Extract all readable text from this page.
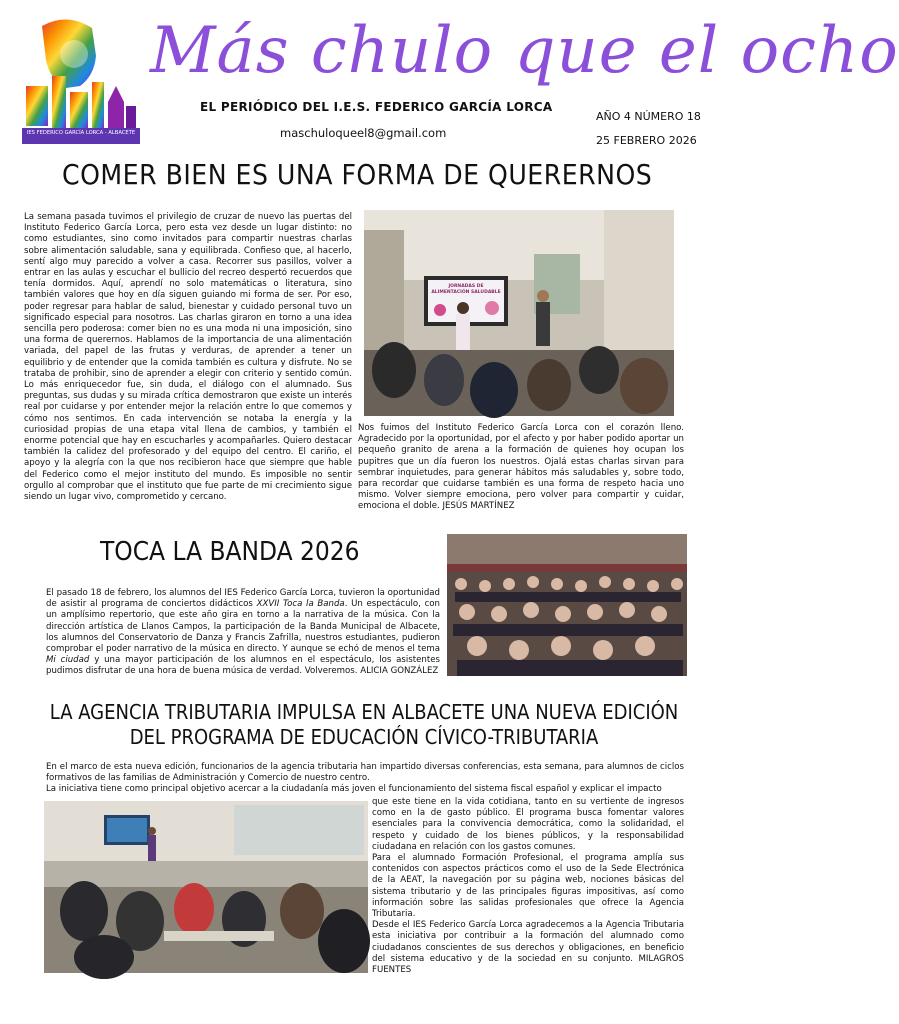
IES FEDERICO GARCÍA LORCA - ALBACETE
Más chulo que el ocho
EL PERIÓDICO DEL I.E.S. FEDERICO GARCÍA LORCA
maschuloqueel8@gmail.com
AÑO 4 NÚMERO 18
25 FEBRERO 2026
COMER BIEN ES UNA FORMA DE QUERERNOS

La semana pasada tuvimos el privilegio de cruzar de nuevo las puertas del Instituto Federico García Lorca, pero esta vez desde un lugar distinto: no como estudiantes, sino como invitados para compartir nuestras charlas sobre alimentación saludable, sana y equilibrada. Confieso que, al hacerlo, sentí algo muy parecido a volver a casa. Recorrer sus pasillos, volver a entrar en las aulas y escuchar el bullicio del recreo despertó recuerdos que tenía dormidos. Aquí, aprendí no solo matemáticas o literatura, sino también valores que hoy en día siguen guiando mi forma de ser. Por eso, poder regresar para hablar de salud, bienestar y cuidado personal tuvo un significado especial para nosotros. Las charlas giraron en torno a una idea sencilla pero poderosa: comer bien no es una moda ni una imposición, sino una forma de querernos. Hablamos de la importancia de una alimentación variada, del papel de las frutas y verduras, de aprender a tener un equilibrio y de entender que la comida también es cultura y disfrute. No se trataba de prohibir, sino de aprender a elegir con criterio y sentido común. Lo más enriquecedor fue, sin duda, el diálogo con el alumnado. Sus preguntas, sus dudas y su mirada crítica demostraron que existe un interés real por cuidarse y por entender mejor la relación entre lo que comemos y cómo nos sentimos. En cada intervención se notaba la energía y la curiosidad propias de una etapa vital llena de cambios, y también el enorme potencial que hay en escucharles y acompañarles. Quiero destacar también la calidez del profesorado y del equipo del centro. El cariño, el apoyo y la alegría con la que nos recibieron hace que siempre que hable del Federico como el mejor instituto del mundo. Es imposible no sentir orgullo al comprobar que el instituto que fue parte de mi crecimiento sigue siendo un lugar vivo, comprometido y cercano.

JORNADAS DE ALIMENTACIÓN SALUDABLE

Nos fuimos del Instituto Federico García Lorca con el corazón lleno. Agradecido por la oportunidad, por el afecto y por haber podido aportar un pequeño granito de arena a la formación de quienes hoy ocupan los pupitres que un día fueron los nuestros. Ojalá estas charlas sirvan para sembrar inquietudes, para generar hábitos más saludables y, sobre todo, para recordar que cuidarse también es una forma de respeto hacia uno mismo. Volver siempre emociona, pero volver para compartir y cuidar, emociona el doble. JESÚS MARTÍNEZ

TOCA LA BANDA 2026

El pasado 18 de febrero, los alumnos del IES Federico García Lorca, tuvieron la oportunidad de asistir al programa de conciertos didácticos XXVII Toca la Banda. Un espectáculo, con un amplísimo repertorio, que este año gira en torno a la narrativa de la música. Con la dirección artística de Llanos Campos, la participación de la Banda Municipal de Albacete, los alumnos del Conservatorio de Danza y Francis Zafrilla, nuestros estudiantes, pudieron comprobar el poder narrativo de la música en directo. Y aunque se echó de menos el tema Mi ciudad y una mayor participación de los alumnos en el espectáculo, los asistentes pudimos disfrutar de una hora de buena música de verdad. Volveremos. ALICIA GONZÁLEZ

LA AGENCIA TRIBUTARIA IMPULSA EN ALBACETE UNA NUEVA EDICIÓN DEL PROGRAMA DE EDUCACIÓN CÍVICO-TRIBUTARIA

En el marco de esta nueva edición, funcionarios de la agencia tributaria han impartido diversas conferencias, esta semana, para alumnos de ciclos formativos de las familias de Administración y Comercio de nuestro centro.

La iniciativa tiene como principal objetivo acercar a la ciudadanía más joven el funcionamiento del sistema fiscal español y explicar el impacto

que este tiene en la vida cotidiana, tanto en su vertiente de ingresos como en la de gasto público. El programa busca fomentar valores esenciales para la convivencia democrática, como la solidaridad, el respeto y cuidado de los bienes públicos, y la responsabilidad ciudadana en relación con los gastos comunes.

Para el alumnado Formación Profesional, el programa amplía sus contenidos con aspectos prácticos como el uso de la Sede Electrónica de la AEAT, la navegación por su página web, nociones básicas del sistema tributario y de las principales figuras impositivas, así como información sobre las salidas profesionales que ofrece la Agencia Tributaria.

Desde el IES Federico García Lorca agradecemos a la Agencia Tributaria esta iniciativa por contribuir a la formación del alumnado como ciudadanos conscientes de sus derechos y obligaciones, en beneficio del sistema educativo y de la sociedad en su conjunto. MILAGROS FUENTES
